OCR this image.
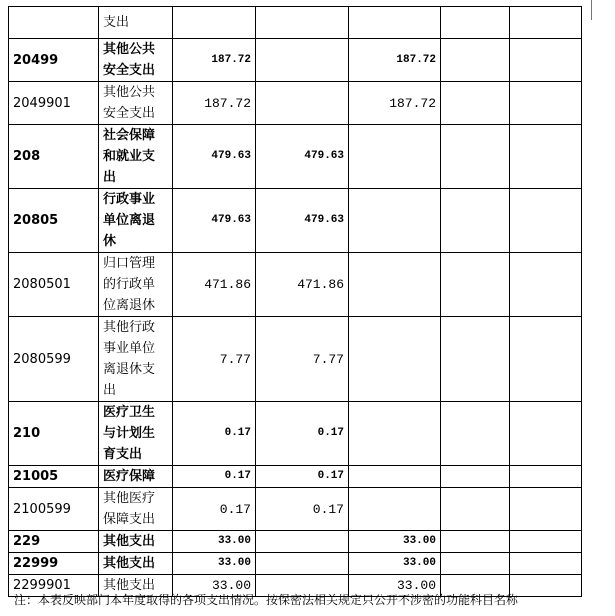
	支出					
20499	其他公共
安全支出	187.72		187.72		
2049901	其他公共
安全支出	187.72		187.72		
208	社会保障
和就业支
出	479.63	479.63			
20805	行政事业
单位离退
休	479.63	479.63			
2080501	归口管理
的行政单
位离退休	471.86	471.86			
2080599	其他行政
事业单位
离退休支
出	7.77	7.77			
210	医疗卫生
与计划生
育支出	0.17	0.17			
21005	医疗保障	0.17	0.17			
2100599	其他医疗
保障支出	0.17	0.17			
229	其他支出	33.00		33.00		
22999	其他支出	33.00		33.00		
2299901	其他支出	33.00		33.00		
注：本表反映部门本年度取得的各项支出情况。按保密法相关规定只公开不涉密的功能科目名称
